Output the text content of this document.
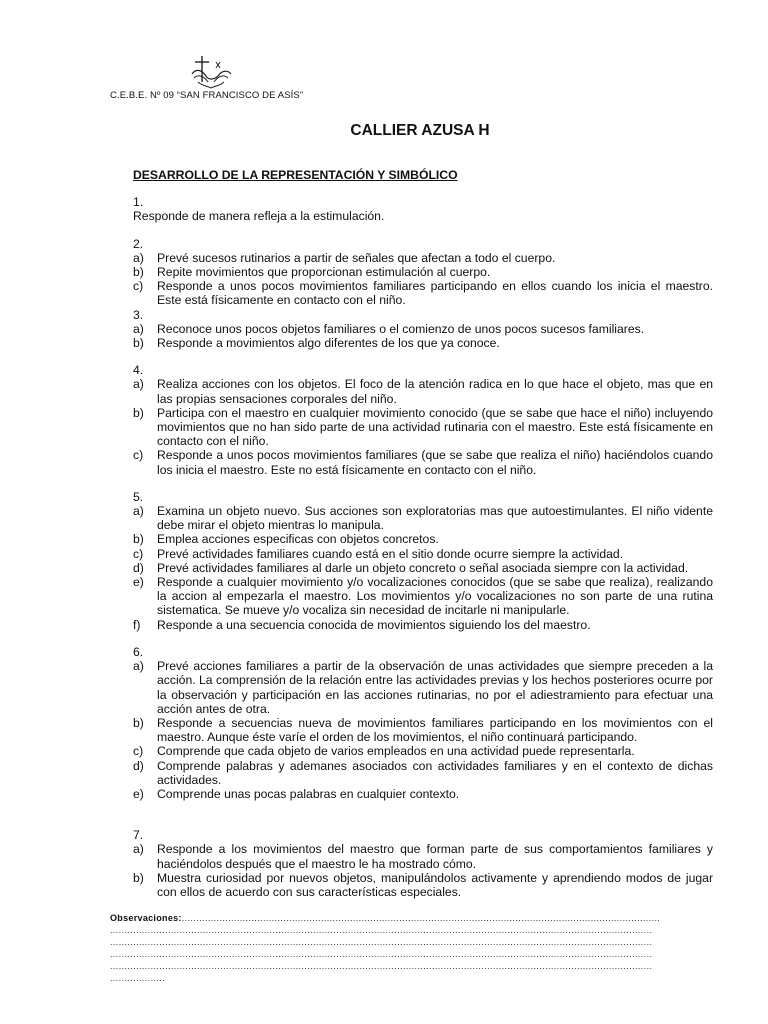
C.E.B.E. Nº 09 “SAN FRANCISCO DE ASÍS”
CALLIER AZUSA H
DESARROLLO DE LA REPRESENTACIÓN Y SIMBÓLICO
1.
Responde de manera refleja a la estimulación.
2.
a)	Prevé sucesos rutinarios a partir de señales que afectan a todo el cuerpo.
b)	Repite movimientos que proporcionan estimulación al cuerpo.
c)	Responde a unos pocos movimientos familiares participando en ellos cuando los inicia el maestro. Este está físicamente en contacto con el niño.
3.
a)	Reconoce unos pocos objetos familiares o el comienzo de unos pocos sucesos familiares.
b)	Responde a movimientos algo diferentes de los que ya conoce.
4.
a)	Realiza acciones con los objetos. El foco de la atención radica en lo que hace el objeto, mas que en las propias sensaciones corporales del niño.
b)	Participa con el maestro en cualquier movimiento conocido (que se sabe que hace el niño) incluyendo movimientos que no han sido parte de una actividad rutinaria con el maestro. Este está físicamente en contacto con el niño.
c)	Responde a unos pocos movimientos familiares (que se sabe que realiza el niño) haciéndolos cuando los inicia el maestro. Este no está físicamente en contacto con el niño.
5.
a)	Examina un objeto nuevo. Sus acciones son exploratorias mas que autoestimulantes. El niño vidente debe mirar el objeto mientras lo manipula.
b)	Emplea acciones especificas con objetos concretos.
c)	Prevé actividades familiares cuando está en el sitio donde ocurre siempre la actividad.
d)	Prevé actividades familiares al darle un objeto concreto o señal asociada siempre con la actividad.
e)	Responde a cualquier movimiento y/o vocalizaciones conocidos (que se sabe que realiza), realizando la accion al empezarla el maestro. Los movimientos y/o vocalizaciones no son parte de una rutina sistematica. Se mueve y/o vocaliza sin necesidad de incitarle ni manipularle.
f)	Responde a una secuencia conocida de movimientos siguiendo los del maestro.
6.
a)	Prevé acciones familiares a partir de la observación de unas actividades que siempre preceden a la acción. La comprensión de la relación entre las actividades previas y los hechos posteriores ocurre por la observación y participación en las acciones rutinarias, no por el adiestramiento para efectuar una acción antes de otra.
b)	Responde a secuencias nueva de movimientos familiares participando en los movimientos con el maestro. Aunque éste varíe el orden de los movimientos, el niño continuará participando.
c)	Comprende que cada objeto de varios empleados en una actividad puede representarla.
d)	Comprende palabras y ademanes asociados con actividades familiares y en el contexto de dichas actividades.
e)	Comprende unas pocas palabras en cualquier contexto.
7.
a)	Responde a los movimientos del maestro que forman parte de sus comportamientos familiares y haciéndolos después que el maestro le ha mostrado cómo.
b)	Muestra curiosidad por nuevos objetos, manipulándolos activamente y aprendiendo modos de jugar con ellos de acuerdo con sus características especiales.
Observaciones:.....................................................................................................................................................................
...........................................................................................................................................................................................
...........................................................................................................................................................................................
...........................................................................................................................................................................................
...........................................................................................................................................................................................
...................
